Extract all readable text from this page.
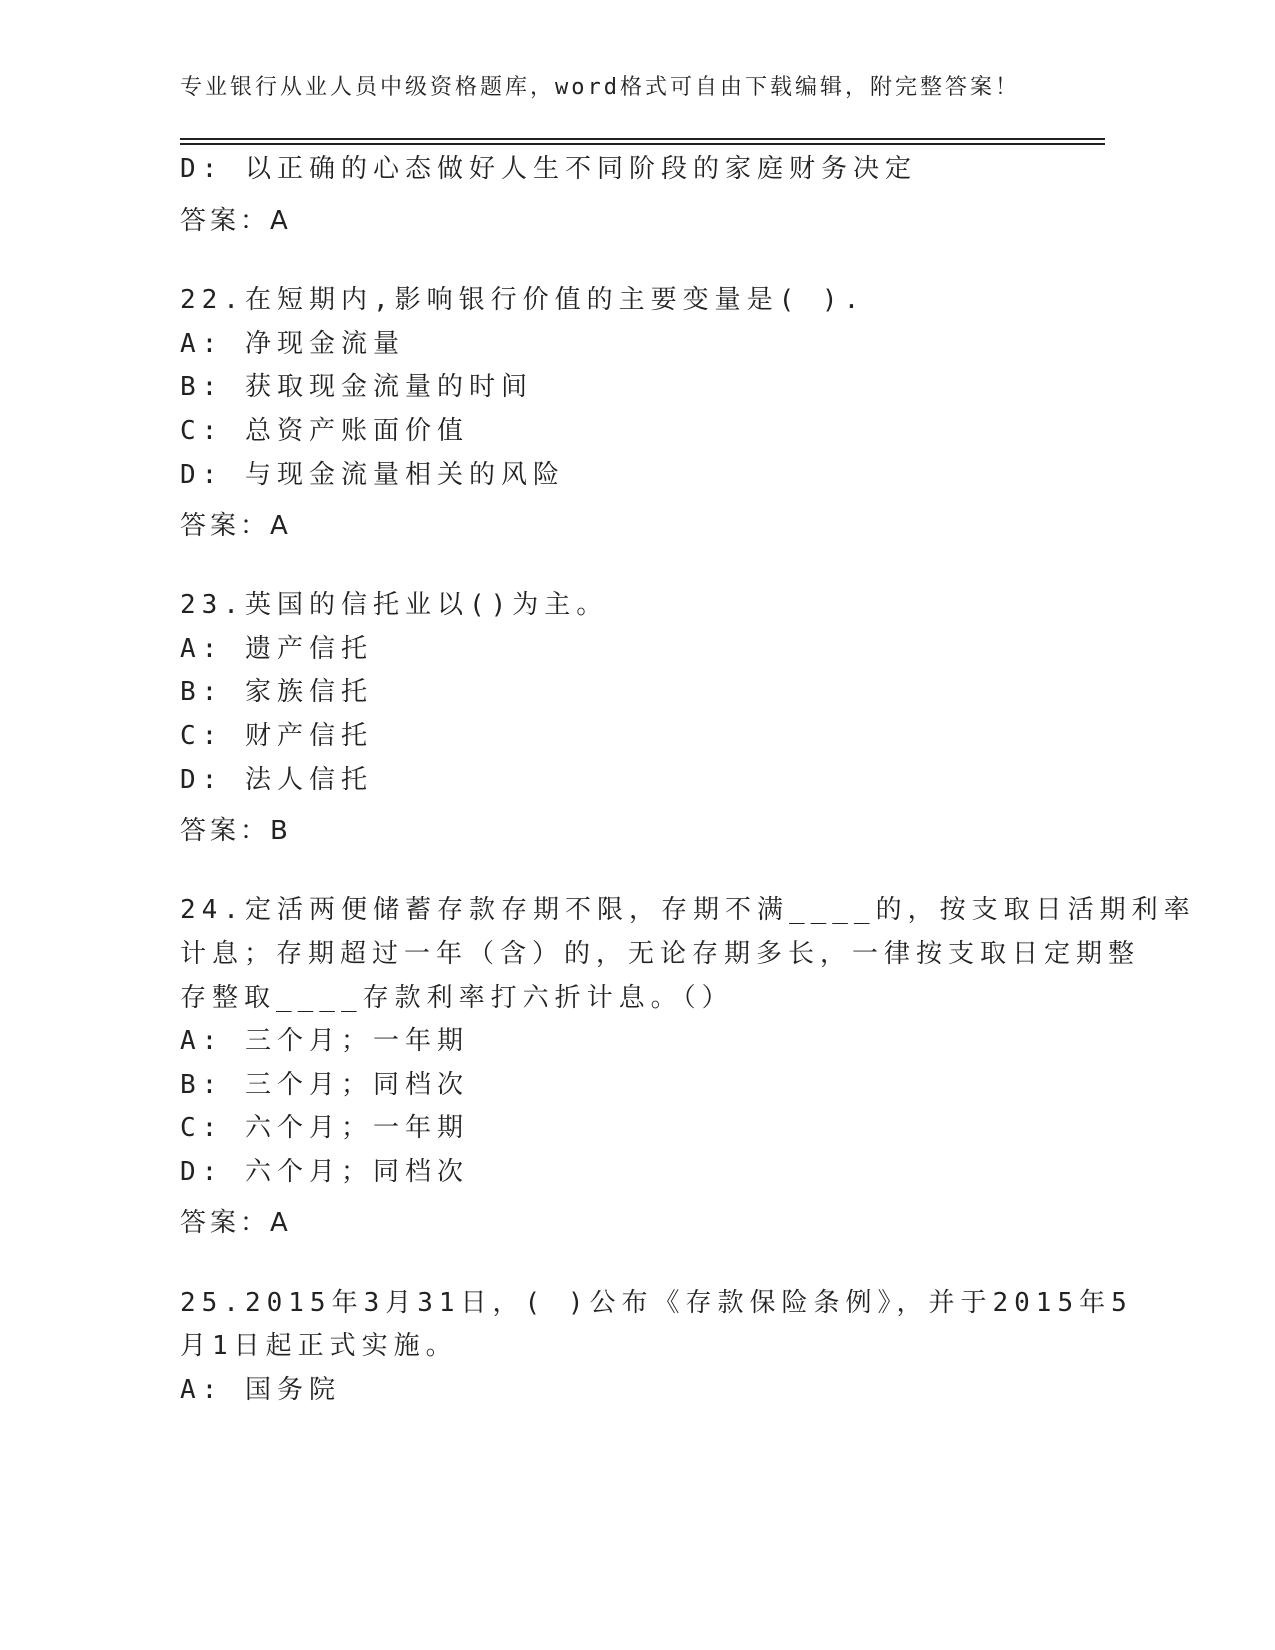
专业银行从业人员中级资格题库，word格式可自由下载编辑，附完整答案！
D: 以正确的心态做好人生不同阶段的家庭财务决定
答案：A
22.在短期内,影响银行价值的主要变量是( ).
A: 净现金流量
B: 获取现金流量的时间
C: 总资产账面价值
D: 与现金流量相关的风险
答案：A
23.英国的信托业以()为主。
A: 遗产信托
B: 家族信托
C: 财产信托
D: 法人信托
答案：B
24.定活两便储蓄存款存期不限，存期不满____的，按支取日活期利率
计息；存期超过一年（含）的，无论存期多长，一律按支取日定期整
存整取____存款利率打六折计息。（）
A: 三个月；一年期
B: 三个月；同档次
C: 六个月；一年期
D: 六个月；同档次
答案：A
25.2015年3月31日，( )公布《存款保险条例》，并于2015年5
月1日起正式实施。
A: 国务院
